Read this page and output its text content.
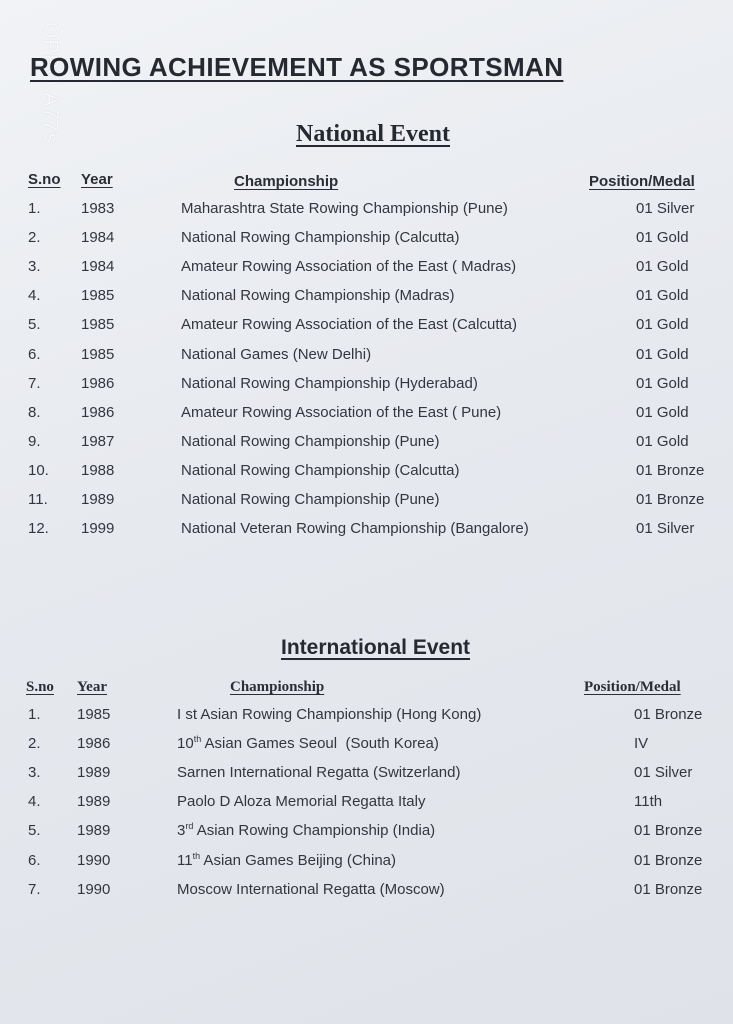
OPPO A77s
ROWING ACHIEVEMENT AS SPORTSMAN
National Event
S.no Year	Championship	Position/Medal
1.	1983	Maharashtra State Rowing Championship (Pune)	01 Silver
2.	1984	National Rowing Championship (Calcutta)	01 Gold
3.	1984	Amateur Rowing Association of the East ( Madras)	01 Gold
4.	1985	National Rowing Championship (Madras)	01 Gold
5.	1985	Amateur Rowing Association of the East (Calcutta)	01 Gold
6.	1985	National Games (New Delhi)	01 Gold
7.	1986	National Rowing Championship (Hyderabad)	01 Gold
8.	1986	Amateur Rowing Association of the East ( Pune)	01 Gold
9.	1987	National Rowing Championship (Pune)	01 Gold
10. 1988	National Rowing Championship (Calcutta)	01 Bronze
11. 1989	National Rowing Championship (Pune)	01 Bronze
12. 1999	National Veteran Rowing Championship (Bangalore)	01 Silver
International Event
S.no Year	Championship	Position/Medal
1. 1985	I st Asian Rowing Championship (Hong Kong)	01 Bronze
2. 1986	10th Asian Games Seoul  (South Korea)	IV
3. 1989	Sarnen International Regatta (Switzerland)	01 Silver
4. 1989	Paolo D Aloza Memorial Regatta Italy	11th
5. 1989	3rd Asian Rowing Championship (India)	01 Bronze
6. 1990	11th Asian Games Beijing (China)	01 Bronze
7. 1990	Moscow International Regatta (Moscow)	01 Bronze
